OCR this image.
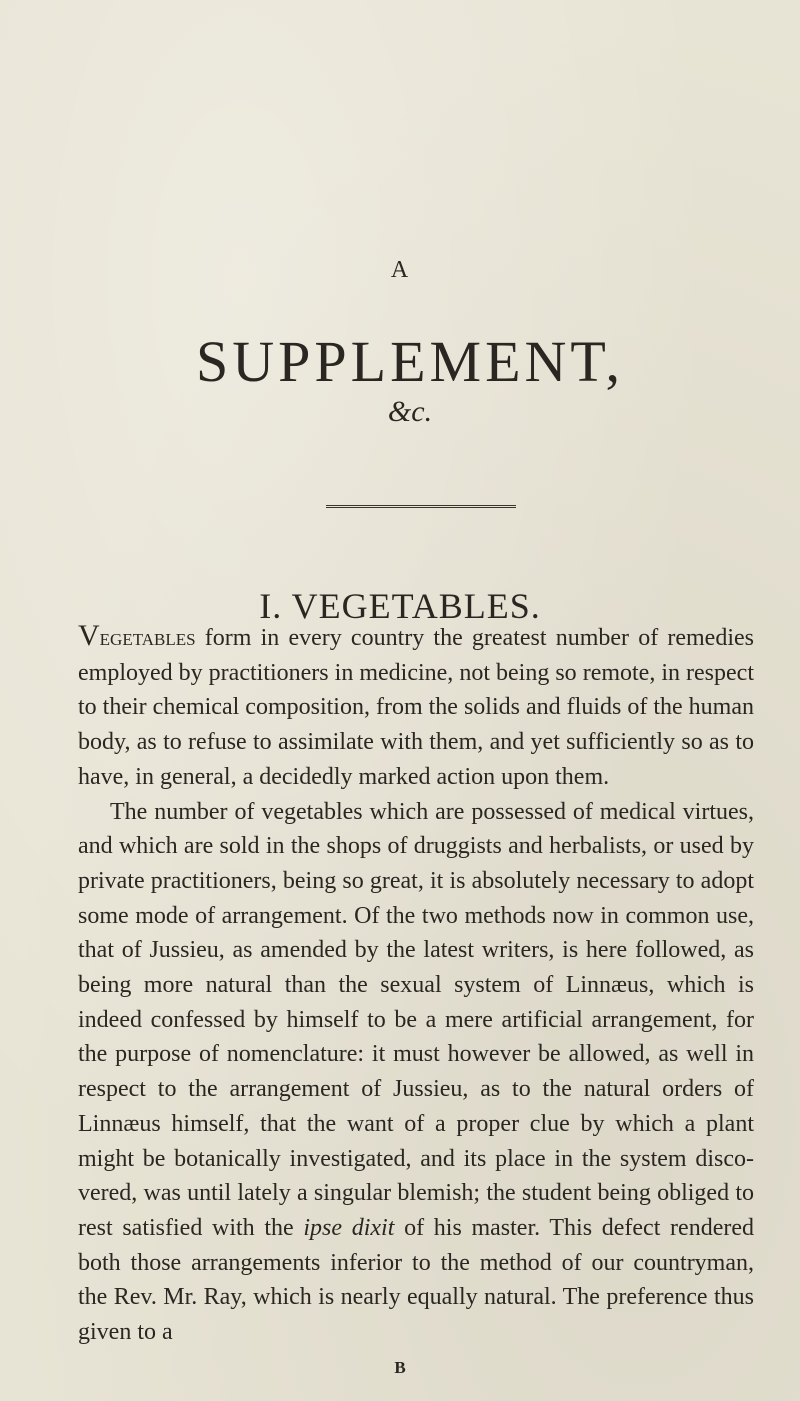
A
SUPPLEMENT,
&c.
I. VEGETABLES.

Vegetables form in every country the greatest number of remedies employed by practitioners in medicine, not being so remote, in respect to their chemical composition, from the solids and fluids of the human body, as to refuse to assimilate with them, and yet sufficiently so as to have, in general, a decidedly marked action upon them.

The number of vegetables which are possessed of medical virtues, and which are sold in the shops of druggists and herbalists, or used by private practitioners, being so great, it is absolutely necessary to adopt some mode of arrangement. Of the two methods now in common use, that of Jussieu, as amended by the latest writers, is here followed, as being more natural than the sexual system of Linnæus, which is indeed confessed by himself to be a mere artificial arrangement, for the purpose of nomenclature: it must however be allowed, as well in respect to the arrangement of Jussieu, as to the natural orders of Linnæus himself, that the want of a proper clue by which a plant might be botanically investigated, and its place in the system discovered, was until lately a singular blemish; the student being obliged to rest satisfied with the ipse dixit of his master. This defect rendered both those arrangements inferior to the method of our countryman, the Rev. Mr. Ray, which is nearly equally natural. The preference thus given to a

B
